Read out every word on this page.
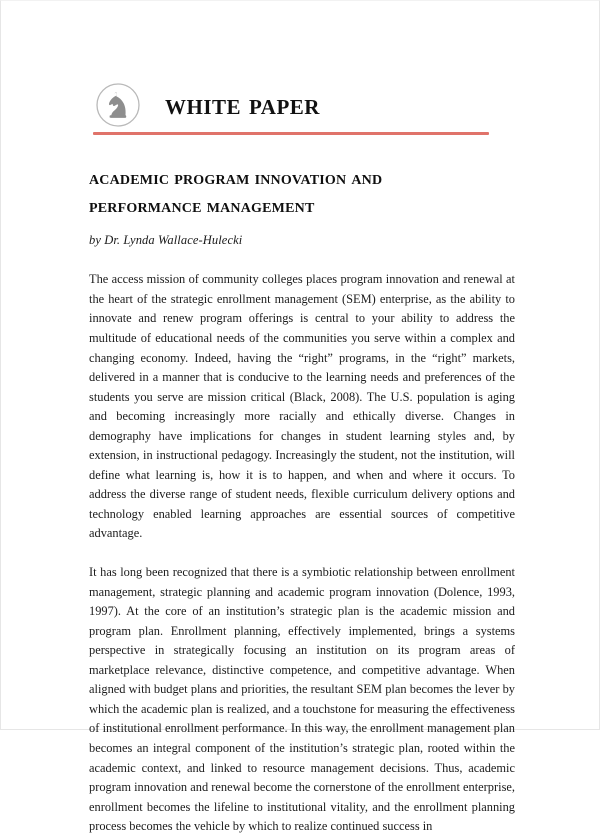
white paper
academic program innovation and performance management

by Dr. Lynda Wallace-Hulecki

The access mission of community colleges places program innovation and renewal at the heart of the strategic enrollment management (SEM) enterprise, as the ability to innovate and renew program offerings is central to your ability to address the multitude of educational needs of the communities you serve within a complex and changing economy. Indeed, having the “right” programs, in the “right” markets, delivered in a manner that is conducive to the learning needs and preferences of the students you serve are mission critical (Black, 2008). The U.S. population is aging and becoming increasingly more racially and ethically diverse. Changes in demography have implications for changes in student learning styles and, by extension, in instructional pedagogy. Increasingly the student, not the institution, will define what learning is, how it is to happen, and when and where it occurs. To address the diverse range of student needs, flexible curriculum delivery options and technology enabled learning approaches are essential sources of competitive advantage.

It has long been recognized that there is a symbiotic relationship between enrollment management, strategic planning and academic program innovation (Dolence, 1993, 1997). At the core of an institution’s strategic plan is the academic mission and program plan. Enrollment planning, effectively implemented, brings a systems perspective in strategically focusing an institution on its program areas of marketplace relevance, distinctive competence, and competitive advantage. When aligned with budget plans and priorities, the resultant SEM plan becomes the lever by which the academic plan is realized, and a touchstone for measuring the effectiveness of institutional enrollment performance. In this way, the enrollment management plan becomes an integral component of the institution’s strategic plan, rooted within the academic context, and linked to resource management decisions. Thus, academic program innovation and renewal become the cornerstone of the enrollment enterprise, enrollment becomes the lifeline to institutional vitality, and the enrollment planning process becomes the vehicle by which to realize continued success in
